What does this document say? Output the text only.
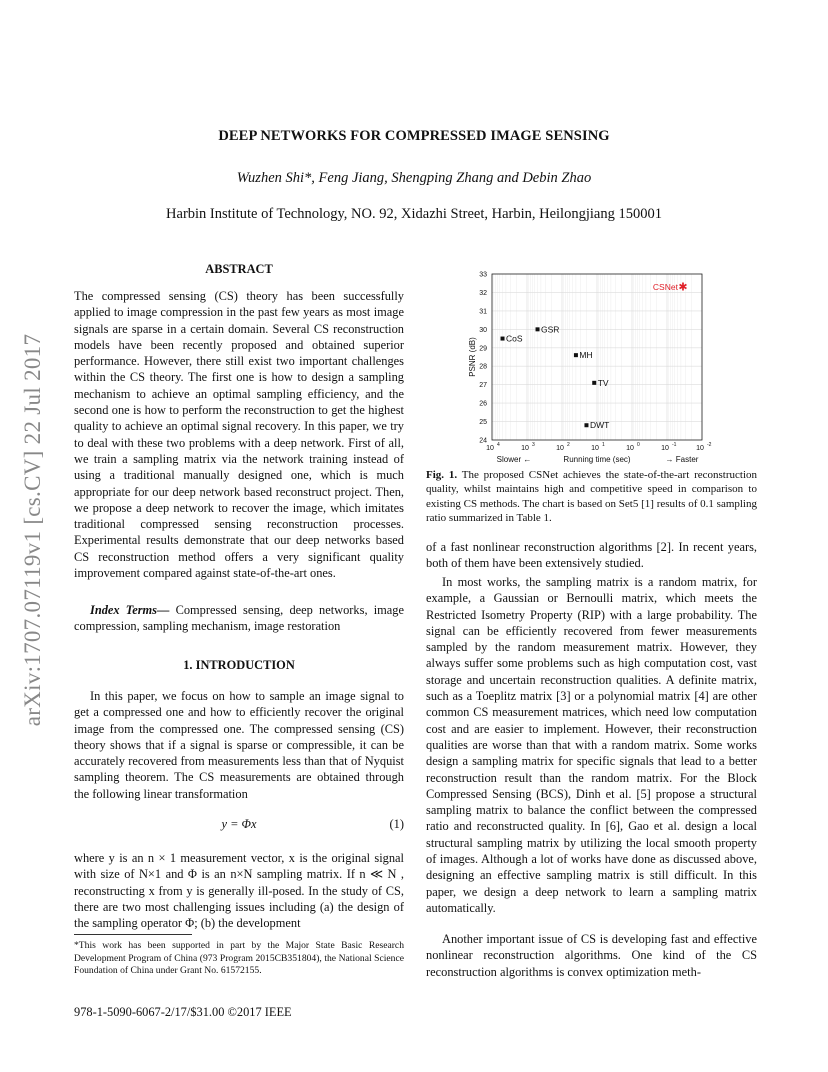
DEEP NETWORKS FOR COMPRESSED IMAGE SENSING
Wuzhen Shi*, Feng Jiang, Shengping Zhang and Debin Zhao
Harbin Institute of Technology, NO. 92, Xidazhi Street, Harbin, Heilongjiang 150001
arXiv:1707.07119v1 [cs.CV] 22 Jul 2017
ABSTRACT

The compressed sensing (CS) theory has been successfully applied to image compression in the past few years as most image signals are sparse in a certain domain. Several CS reconstruction models have been recently proposed and obtained superior performance. However, there still exist two important challenges within the CS theory. The first one is how to design a sampling mechanism to achieve an optimal sampling efficiency, and the second one is how to perform the reconstruction to get the highest quality to achieve an optimal signal recovery. In this paper, we try to deal with these two problems with a deep network. First of all, we train a sampling matrix via the network training instead of using a traditional manually designed one, which is much appropriate for our deep network based reconstruct project. Then, we propose a deep network to recover the image, which imitates traditional compressed sensing reconstruction processes. Experimental results demonstrate that our deep networks based CS reconstruction method offers a very significant quality improvement compared against state-of-the-art ones.

Index Terms— Compressed sensing, deep networks, image compression, sampling mechanism, image restoration

1. INTRODUCTION

In this paper, we focus on how to sample an image signal to get a compressed one and how to efficiently recover the original image from the compressed one. The compressed sensing (CS) theory shows that if a signal is sparse or compressible, it can be accurately recovered from measurements less than that of Nyquist sampling theorem. The CS measurements are obtained through the following linear transformation

y = Φx	(1)

where y is an n × 1 measurement vector, x is the original signal with size of N×1 and Φ is an n×N sampling matrix. If n ≪ N , reconstructing x from y is generally ill-posed. In the study of CS, there are two most challenging issues including (a) the design of the sampling operator Φ; (b) the development

*This work has been supported in part by the Major State Basic Research Development Program of China (973 Program 2015CB351804), the National Science Foundation of China under Grant No. 61572155.

978-1-5090-6067-2/17/$31.00 ©2017 IEEE
24
25
26
27
28
29
30
31
32
33
10 4	10 3	10 2	10 1	10 0	10 -1	10 -2
CoS
GSR
MH
TV
DWT
CSNet ✱
PSNR (dB)
Running time (sec)
Slower ←	→ Faster

Fig. 1. The proposed CSNet achieves the state-of-the-art reconstruction quality, whilst maintains high and competitive speed in comparison to existing CS methods. The chart is based on Set5 [1] results of 0.1 sampling ratio summarized in Table 1.

of a fast nonlinear reconstruction algorithms [2]. In recent years, both of them have been extensively studied.

In most works, the sampling matrix is a random matrix, for example, a Gaussian or Bernoulli matrix, which meets the Restricted Isometry Property (RIP) with a large probability. The signal can be efficiently recovered from fewer measurements sampled by the random measurement matrix. However, they always suffer some problems such as high computation cost, vast storage and uncertain reconstruction qualities. A definite matrix, such as a Toeplitz matrix [3] or a polynomial matrix [4] are other common CS measurement matrices, which need low computation cost and are easier to implement. However, their reconstruction qualities are worse than that with a random matrix. Some works design a sampling matrix for specific signals that lead to a better reconstruction result than the random matrix. For the Block Compressed Sensing (BCS), Dinh et al. [5] propose a structural sampling matrix to balance the conflict between the compressed ratio and reconstructed quality. In [6], Gao et al. design a local structural sampling matrix by utilizing the local smooth property of images. Although a lot of works have done as discussed above, designing an effective sampling matrix is still difficult. In this paper, we design a deep network to learn a sampling matrix automatically.

Another important issue of CS is developing fast and effective nonlinear reconstruction algorithms. One kind of the CS reconstruction algorithms is convex optimization meth-
